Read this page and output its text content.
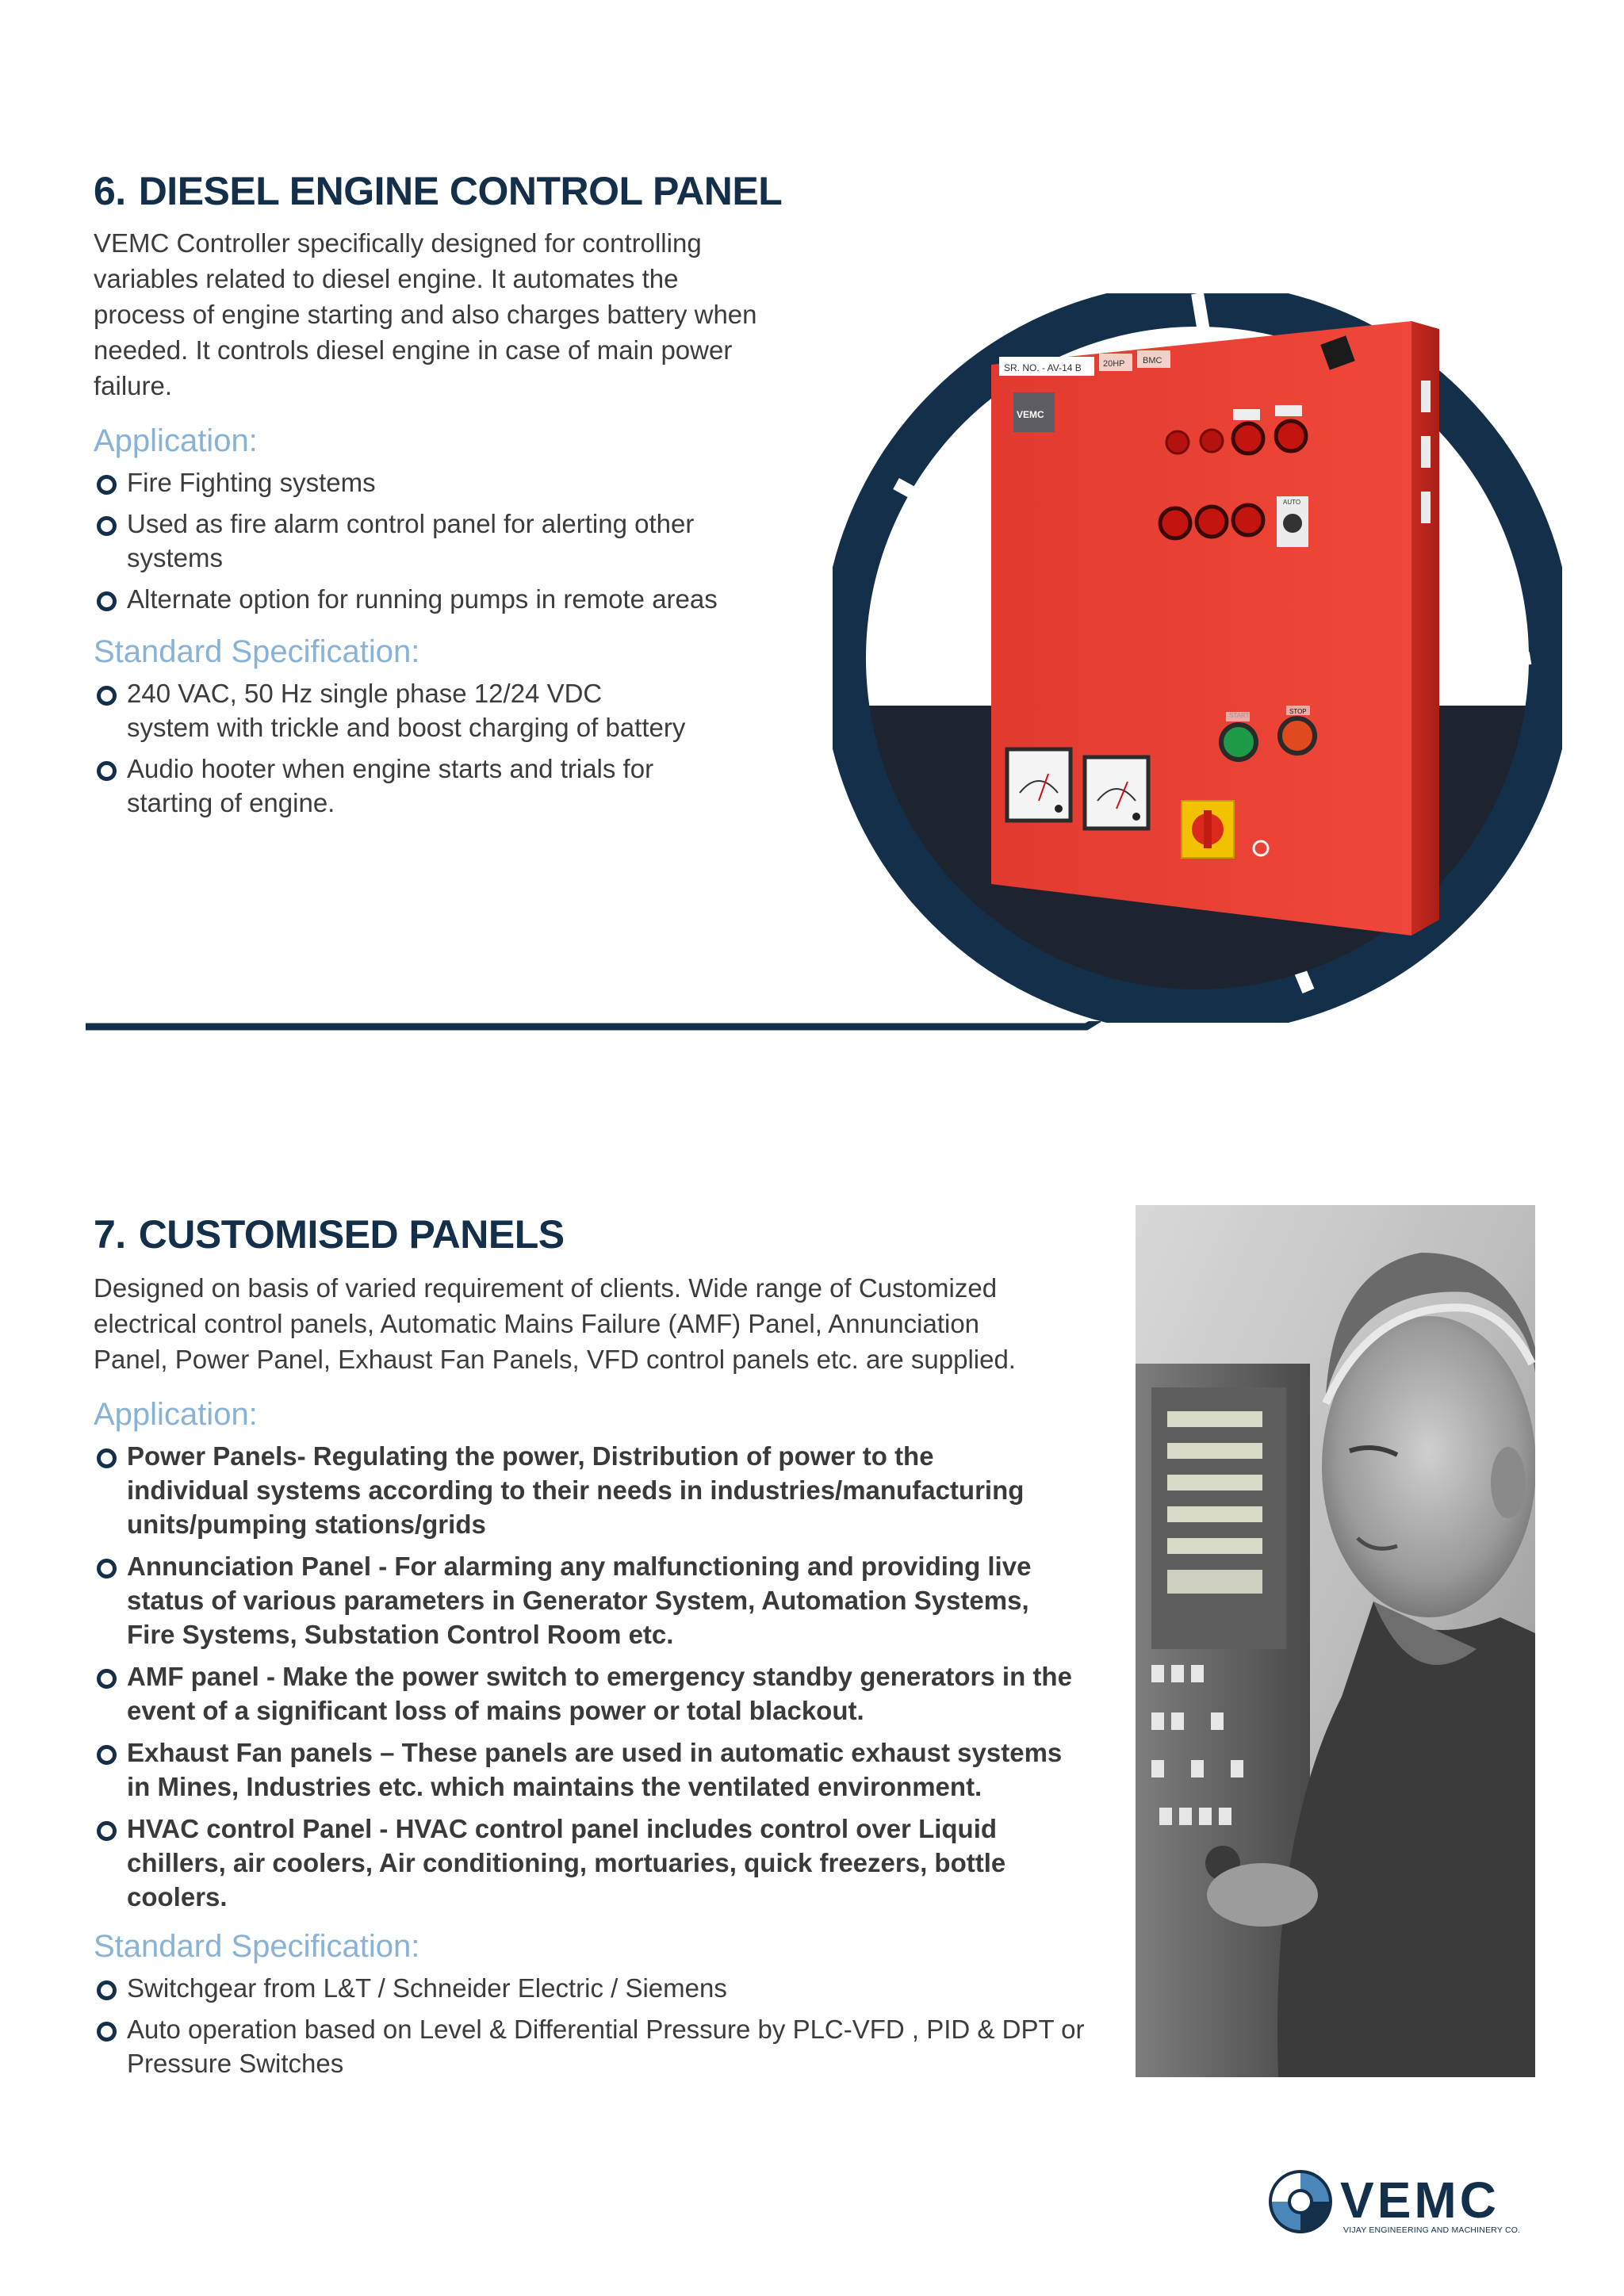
6. DIESEL ENGINE CONTROL PANEL

VEMC Controller specifically designed for controlling variables related to diesel engine. It automates the process of engine starting and also charges battery when needed. It controls diesel engine in case of main power failure.

Application:
Fire Fighting systems
Used as fire alarm control panel for alerting other systems
Alternate option for running pumps in remote areas
Standard Specification:
240 VAC, 50 Hz single phase 12/24 VDC system with trickle and boost charging of battery
Audio hooter when engine starts and trials for starting of engine.
SR. NO. - AV-14 B 20HP BMC
VEMC
AUTO
STOP
7. CUSTOMISED PANELS

Designed on basis of varied requirement of clients. Wide range of Customized electrical control panels, Automatic Mains Failure (AMF) Panel, Annunciation Panel, Power Panel, Exhaust Fan Panels, VFD control panels etc. are supplied.

Application:
Power Panels- Regulating the power, Distribution of power to the individual systems according to their needs in industries/manufacturing units/pumping stations/grids
Annunciation Panel - For alarming any malfunctioning and providing live status of various parameters in Generator System, Automation Systems, Fire Systems, Substation Control Room etc.
AMF panel - Make the power switch to emergency standby generators in the event of a significant loss of mains power or total blackout.
Exhaust Fan panels – These panels are used in automatic exhaust systems in Mines, Industries etc. which maintains the ventilated environment.
HVAC control Panel - HVAC control panel includes control over Liquid chillers, air coolers, Air conditioning, mortuaries, quick freezers, bottle coolers.
Standard Specification:
Switchgear from L&T / Schneider Electric / Siemens
Auto operation based on Level & Differential Pressure by PLC-VFD , PID & DPT or Pressure Switches
VEMC
VIJAY ENGINEERING AND MACHINERY CO.
